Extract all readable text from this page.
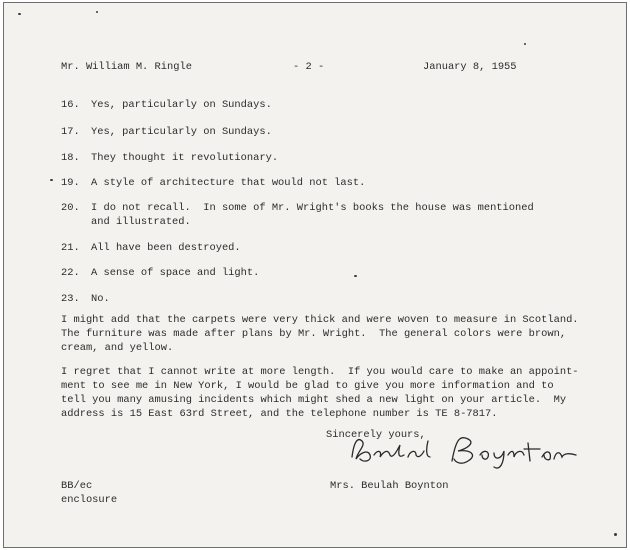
Mr. William M. Ringle	- 2 -	January 8, 1955
16.	Yes, particularly on Sundays.
17.	Yes, particularly on Sundays.
18.	They thought it revolutionary.
19.	A style of architecture that would not last.
20.	I do not recall.  In some of Mr. Wright's books the house was mentioned
and illustrated.
21.	All have been destroyed.
22.	A sense of space and light.
23.	No.
I might add that the carpets were very thick and were woven to measure in Scotland.
The furniture was made after plans by Mr. Wright.  The general colors were brown,
cream, and yellow.
I regret that I cannot write at more length.  If you would care to make an appoint-
ment to see me in New York, I would be glad to give you more information and to
tell you many amusing incidents which might shed a new light on your article.  My
address is 15 East 63rd Street, and the telephone number is TE 8-7817.
Sincerely yours,
BB/ec
enclosure
Mrs. Beulah Boynton
